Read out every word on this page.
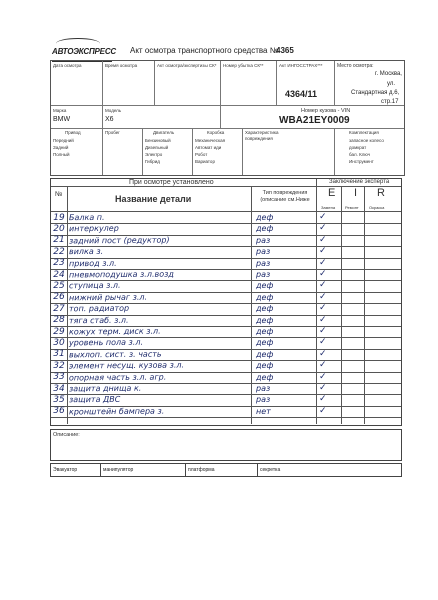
АВТОЭКСПРЕСС Акт осмотра транспортного средства №
4365
Дата осмотра	Время осмотра	Акт осмотра/экспертизы СК* Номер убытка СК**	Акт ИНГОССТРАХ***
4364/11
Место осмотра:
г. Москва,
ул.
Стандартная д.6,
стр.17
Марка
BMW
Модель
X6
Номер кузова - VIN
WBA21EY0009
Привод
Передний
Задний
Полный
Пробег	Двигатель
Бензиновый
Дизельный
Электро
Гибрид
Коробка
Механическая
Автомат иди
Робот
Вариатор
Характеристика повреждения
Комплектация
запасное колесо
домкрат
бал. Ключ
Инструмент
При осмотре установлено	Заключение эксперта
№	Название детали
Тип повреждения (описание см.Ниже
E I R
Замена Ремонт	Окраска
19 Балка п.	деф	✓
20 интеркулер	деф	✓
21 задний пост (редуктор)	раз	✓
22 вилка з.	раз	✓
23 привод з.л.	раз	✓
24 пневмоподушка з.л.возд	раз	✓
25 ступица з.л.	деф	✓
26 нижний рычаг з.л.	деф	✓
27 топ. радиатор	деф	✓
28 тяга стаб. з.л.	деф	✓
29 кожух терм. диск з.л.	деф	✓
30 уровень пола з.л.	деф	✓
31 выхлоп. сист. з. часть	деф	✓
32 элемент несущ. кузова з.л.	деф	✓
33 опорная часть з.л. агр.	деф	✓
34 защита днища к.	раз	✓
35 защита ДВС	раз	✓
36 кронштейн бампера з.	нет	✓
Описание:
Эвакуатор	манипулятор	платформа	секретка
